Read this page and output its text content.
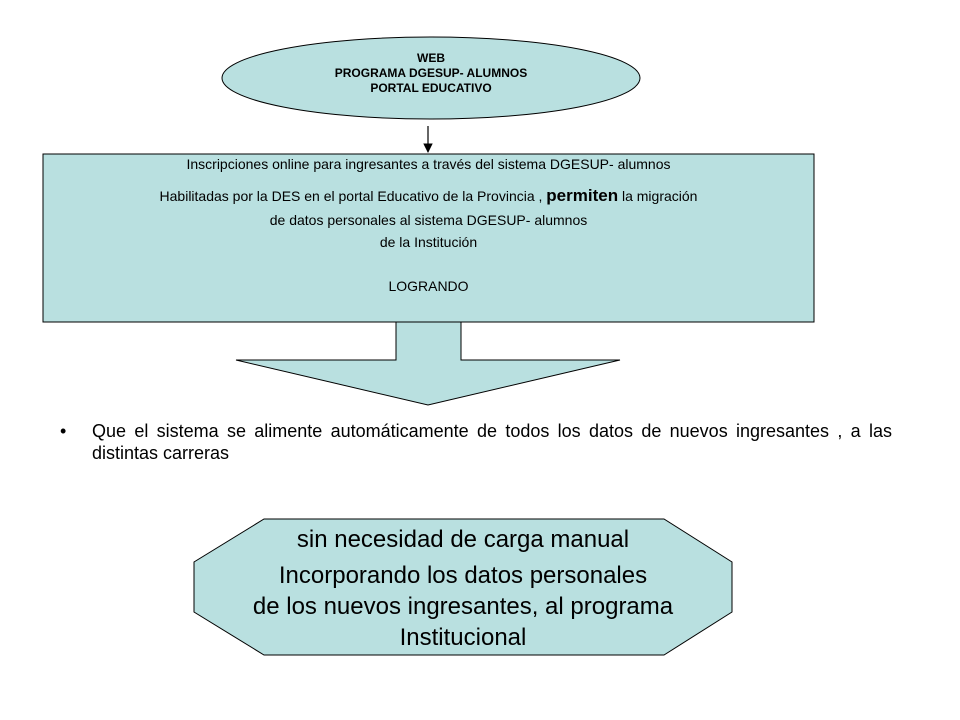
WEB
PROGRAMA DGESUP- ALUMNOS
PORTAL EDUCATIVO
Inscripciones online para ingresantes a través del sistema DGESUP- alumnos
Habilitadas por la DES en el portal Educativo de la Provincia , permiten la migración
de datos personales al sistema DGESUP- alumnos
de la Institución
LOGRANDO
• Que el sistema se alimente automáticamente de todos los datos de nuevos ingresantes , a las distintas carreras
sin necesidad de carga manual
Incorporando los datos personales
de los nuevos ingresantes, al programa
Institucional
